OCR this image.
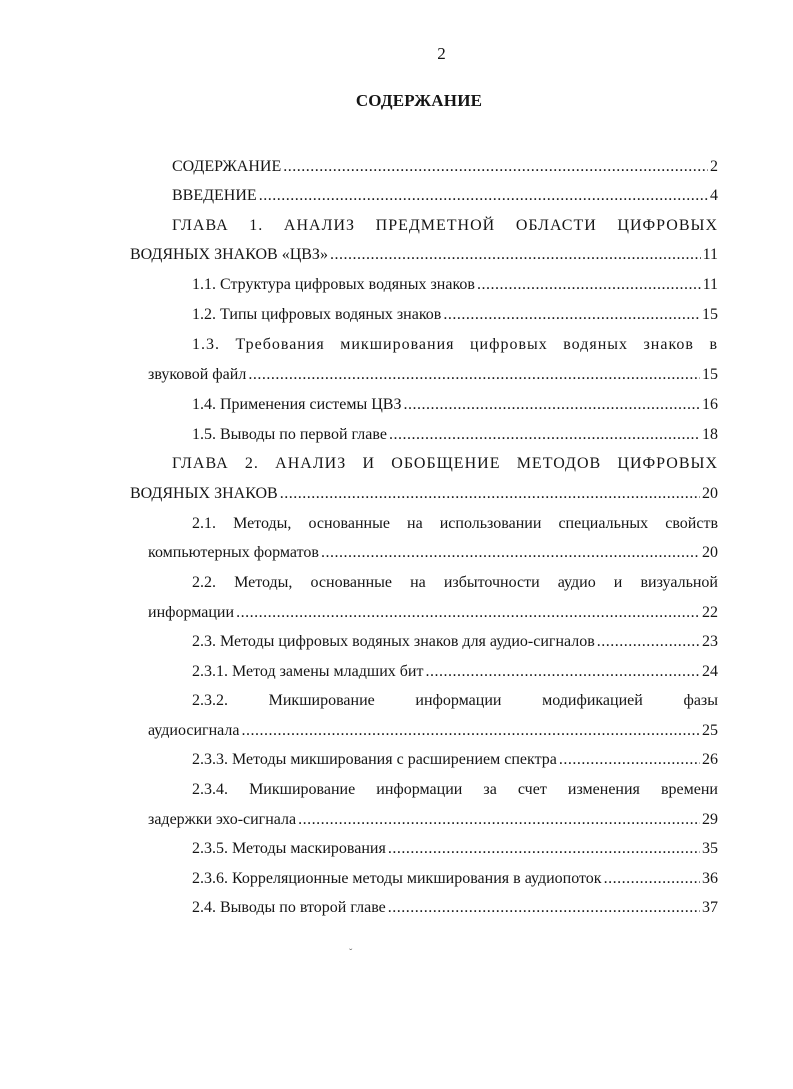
2
СОДЕРЖАНИЕ
СОДЕРЖАНИЕ .....	2
ВВЕДЕНИЕ .....	4
ГЛАВА 1. АНАЛИЗ ПРЕДМЕТНОЙ ОБЛАСТИ ЦИФРОВЫХ
ВОДЯНЫХ ЗНАКОВ «ЦВЗ» .....	11
1.1. Структура цифровых водяных знаков .....	11
1.2. Типы цифровых водяных знаков .....	15
1.3. Требования микширования цифровых водяных знаков в
звуковой файл .....	15
1.4. Применения системы ЦВЗ .....	16
1.5. Выводы по первой главе .....	18
ГЛАВА 2. АНАЛИЗ И ОБОБЩЕНИЕ МЕТОДОВ ЦИФРОВЫХ
ВОДЯНЫХ ЗНАКОВ .....	20
2.1. Методы, основанные на использовании специальных свойств
компьютерных форматов .....	20
2.2. Методы, основанные на избыточности аудио и визуальной
информации .....	22
2.3. Методы цифровых водяных знаков для аудио-сигналов .....	23
2.3.1. Метод замены младших бит .....	24
2.3.2. Микширование информации модификацией фазы
аудиосигнала .....	25
2.3.3. Методы микширования с расширением спектра .....	26
2.3.4. Микширование информации за счет изменения времени
задержки эхо-сигнала .....	29
2.3.5. Методы маскирования .....	35
2.3.6. Корреляционные методы микширования в аудиопоток .....	36
2.4. Выводы по второй главе .....	37
ˇ
